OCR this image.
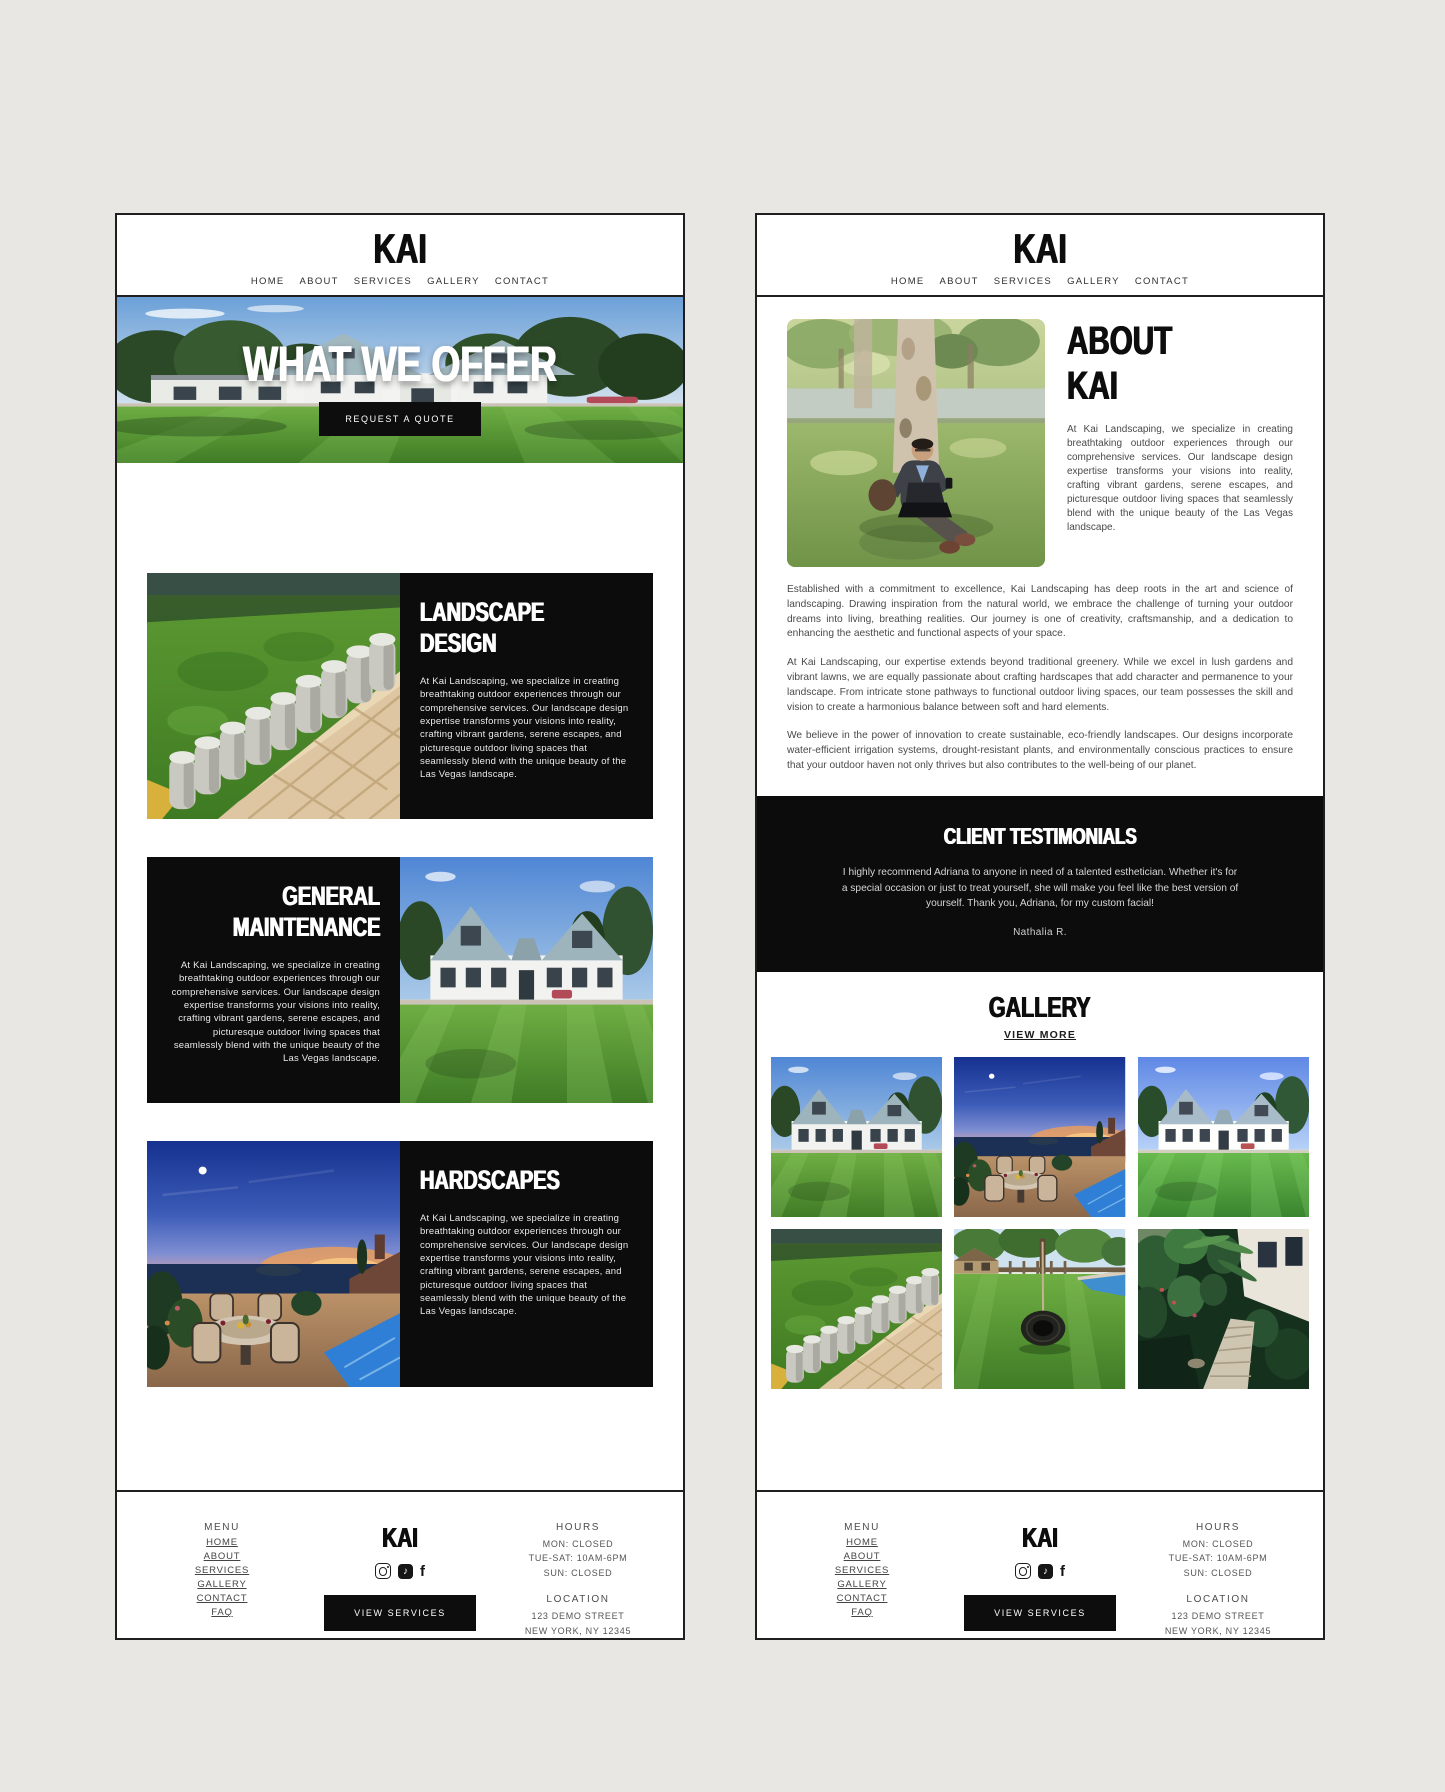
KAI
HOME ABOUT SERVICES GALLERY CONTACT
WHAT WE OFFER
REQUEST A QUOTE
LANDSCAPE
DESIGN
At Kai Landscaping, we specialize in creating breathtaking outdoor experiences through our comprehensive services. Our landscape design expertise transforms your visions into reality, crafting vibrant gardens, serene escapes, and picturesque outdoor living spaces that seamlessly blend with the unique beauty of the Las Vegas landscape.
GENERAL
MAINTENANCE
At Kai Landscaping, we specialize in creating breathtaking outdoor experiences through our comprehensive services. Our landscape design expertise transforms your visions into reality, crafting vibrant gardens, serene escapes, and picturesque outdoor living spaces that seamlessly blend with the unique beauty of the Las Vegas landscape.
HARDSCAPES
At Kai Landscaping, we specialize in creating breathtaking outdoor experiences through our comprehensive services. Our landscape design expertise transforms your visions into reality, crafting vibrant gardens, serene escapes, and picturesque outdoor living spaces that seamlessly blend with the unique beauty of the Las Vegas landscape.
MENU
HOME
ABOUT
SERVICES
GALLERY
CONTACT
FAQ
KAI
♪ f
VIEW SERVICES
HOURS
MON: CLOSED
TUE-SAT: 10AM-6PM
SUN: CLOSED
LOCATION
123 DEMO STREET
NEW YORK, NY 12345
KAI
HOME ABOUT SERVICES GALLERY CONTACT
ABOUT
KAI
At Kai Landscaping, we specialize in creating breathtaking outdoor experiences through our comprehensive services. Our landscape design expertise transforms your visions into reality, crafting vibrant gardens, serene escapes, and picturesque outdoor living spaces that seamlessly blend with the unique beauty of the Las Vegas landscape.

Established with a commitment to excellence, Kai Landscaping has deep roots in the art and science of landscaping. Drawing inspiration from the natural world, we embrace the challenge of turning your outdoor dreams into living, breathing realities. Our journey is one of creativity, craftsmanship, and a dedication to enhancing the aesthetic and functional aspects of your space.

At Kai Landscaping, our expertise extends beyond traditional greenery. While we excel in lush gardens and vibrant lawns, we are equally passionate about crafting hardscapes that add character and permanence to your landscape. From intricate stone pathways to functional outdoor living spaces, our team possesses the skill and vision to create a harmonious balance between soft and hard elements.

We believe in the power of innovation to create sustainable, eco-friendly landscapes. Our designs incorporate water-efficient irrigation systems, drought-resistant plants, and environmentally conscious practices to ensure that your outdoor haven not only thrives but also contributes to the well-being of our planet.

CLIENT TESTIMONIALS
I highly recommend Adriana to anyone in need of a talented esthetician. Whether it's for a special occasion or just to treat yourself, she will make you feel like the best version of yourself. Thank you, Adriana, for my custom facial!
Nathalia R.
GALLERY
VIEW MORE
MENU
HOME
ABOUT
SERVICES
GALLERY
CONTACT
FAQ
KAI
♪ f
VIEW SERVICES
HOURS
MON: CLOSED
TUE-SAT: 10AM-6PM
SUN: CLOSED
LOCATION
123 DEMO STREET
NEW YORK, NY 12345
